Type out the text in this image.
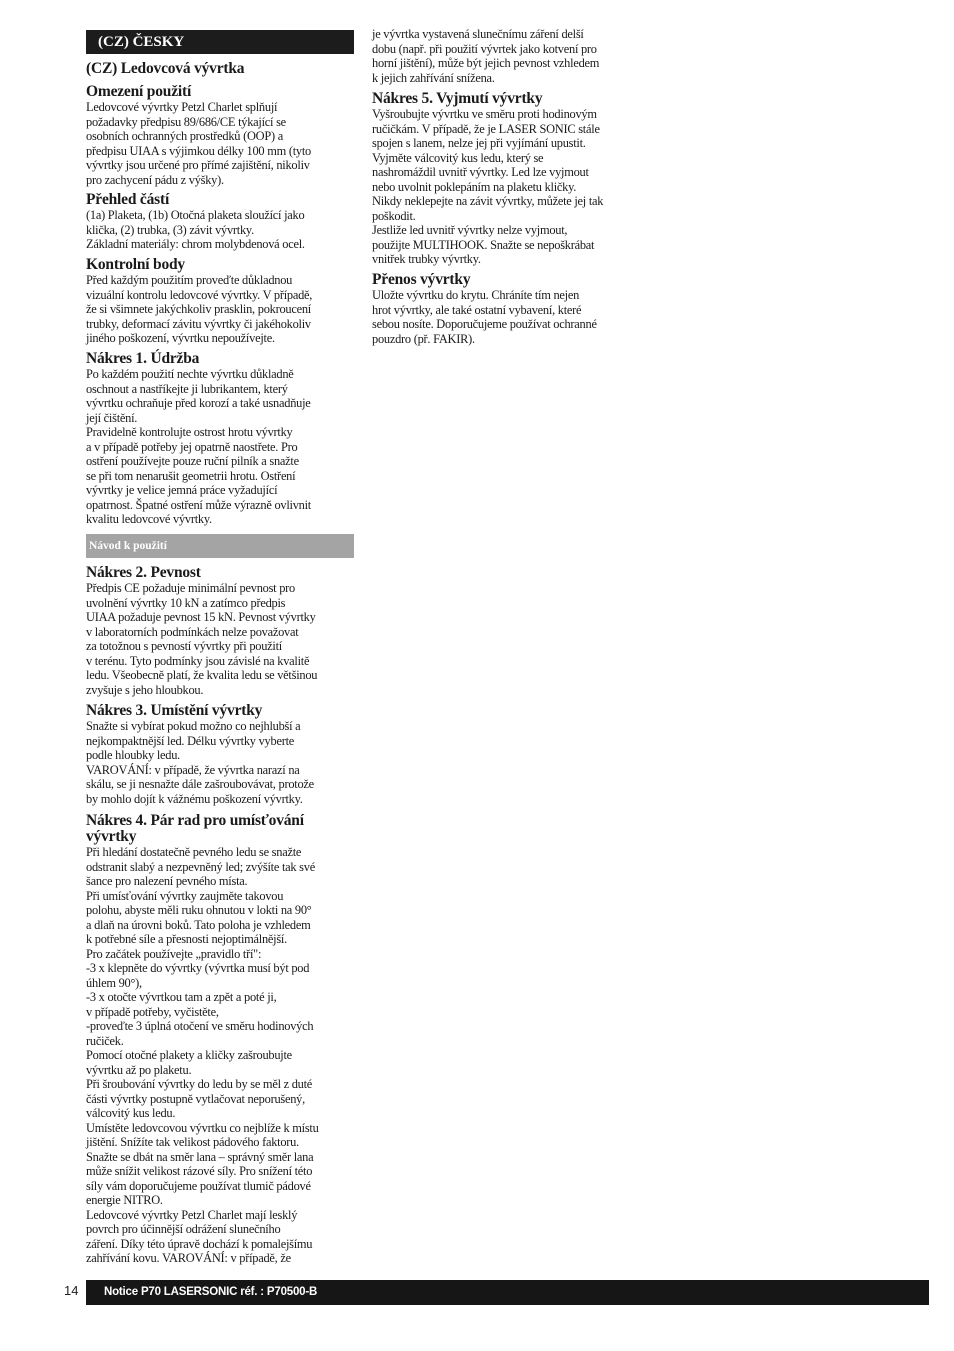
(CZ) ČESKY

(CZ) Ledovcová vývrtka

Omezení použití

Ledovcové vývrtky Petzl Charlet splňují
požadavky předpisu 89/686/CE týkající se
osobních ochranných prostředků (OOP) a
předpisu UIAA s výjimkou délky 100 mm (tyto
vývrtky jsou určené pro přímé zajištění, nikoliv
pro zachycení pádu z výšky).

Přehled částí

(1a) Plaketa, (1b) Otočná plaketa sloužící jako
klička, (2) trubka, (3) závit vývrtky.
Základní materiály: chrom molybdenová ocel.

Kontrolní body

Před každým použitím proveďte důkladnou
vizuální kontrolu ledovcové vývrtky. V případě,
že si všimnete jakýchkoliv prasklin, pokroucení
trubky, deformací závitu vývrtky či jakéhokoliv
jiného poškození, vývrtku nepoužívejte.

Nákres 1. Údržba

Po každém použití nechte vývrtku důkladně
oschnout a nastříkejte ji lubrikantem, který
vývrtku ochraňuje před korozí a také usnadňuje
její čištění.
Pravidelně kontrolujte ostrost hrotu vývrtky
a v případě potřeby jej opatrně naostřete. Pro
ostření používejte pouze ruční pilník a snažte
se při tom nenarušit geometrii hrotu. Ostření
vývrtky je velice jemná práce vyžadující
opatrnost. Špatné ostření může výrazně ovlivnit
kvalitu ledovcové vývrtky.

Nákres 2. Pevnost

Předpis CE požaduje minimální pevnost pro
uvolnění vývrtky 10 kN a zatímco předpis
UIAA požaduje pevnost 15 kN. Pevnost vývrtky
v laboratorních podmínkách nelze považovat
za totožnou s pevností vývrtky při použití
v terénu. Tyto podmínky jsou závislé na kvalitě
ledu. Všeobecně platí, že kvalita ledu se většinou
zvyšuje s jeho hloubkou.

Nákres 3. Umístění vývrtky

Snažte si vybírat pokud možno co nejhlubší a
nejkompaktnější led. Délku vývrtky vyberte
podle hloubky ledu.
VAROVÁNÍ: v případě, že vývrtka narazí na
skálu, se ji nesnažte dále zašroubovávat, protože
by mohlo dojít k vážnému poškození vývrtky.

Nákres 4. Pár rad pro umísťování
vývrtky

Při hledání dostatečně pevného ledu se snažte
odstranit slabý a nezpevněný led; zvýšíte tak své
šance pro nalezení pevného místa.
Při umísťování vývrtky zaujměte takovou
polohu, abyste měli ruku ohnutou v lokti na 90°
a dlaň na úrovni boků. Tato poloha je vzhledem
k potřebné síle a přesnosti nejoptimálnější.
Pro začátek používejte „pravidlo tří":
-3 x klepněte do vývrtky (vývrtka musí být pod
úhlem 90°),
-3 x otočte vývrtkou tam a zpět a poté ji,
v případě potřeby, vyčistěte,
-proveďte 3 úplná otočení ve směru hodinových
ručiček.
Pomocí otočné plakety a kličky zašroubujte
vývrtku až po plaketu.
Při šroubování vývrtky do ledu by se měl z duté
části vývrtky postupně vytlačovat neporušený,
válcovitý kus ledu.
Umístěte ledovcovou vývrtku co nejblíže k místu
jištění. Snížíte tak velikost pádového faktoru.
Snažte se dbát na směr lana – správný směr lana
může snížit velikost rázové síly. Pro snížení této
síly vám doporučujeme používat tlumič pádové
energie NITRO.
Ledovcové vývrtky Petzl Charlet mají lesklý
povrch pro účinnější odrážení slunečního
záření. Díky této úpravě dochází k pomalejšímu
zahřívání kovu. VAROVÁNÍ: v případě, že

Návod k použití

je vývrtka vystavená slunečnímu záření delší
dobu (např. při použití vývrtek jako kotvení pro
horní jištění), může být jejich pevnost vzhledem
k jejich zahřívání snížena.

Nákres 5. Vyjmutí vývrtky

Vyšroubujte vývrtku ve směru proti hodinovým
ručičkám. V případě, že je LASER SONIC stále
spojen s lanem, nelze jej při vyjímání upustit.
Vyjměte válcovitý kus ledu, který se
nashromáždil uvnitř vývrtky. Led lze vyjmout
nebo uvolnit poklepáním na plaketu kličky.
Nikdy neklepejte na závit vývrtky, můžete jej tak
poškodit.
Jestliže led uvnitř vývrtky nelze vyjmout,
použijte MULTIHOOK. Snažte se nepoškrábat
vnitřek trubky vývrtky.

Přenos vývrtky

Uložte vývrtku do krytu. Chráníte tím nejen
hrot vývrtky, ale také ostatní vybavení, které
sebou nosíte. Doporučujeme používat ochranné
pouzdro (př. FAKIR).

14	Notice P70 LASERSONIC réf. : P70500-B
